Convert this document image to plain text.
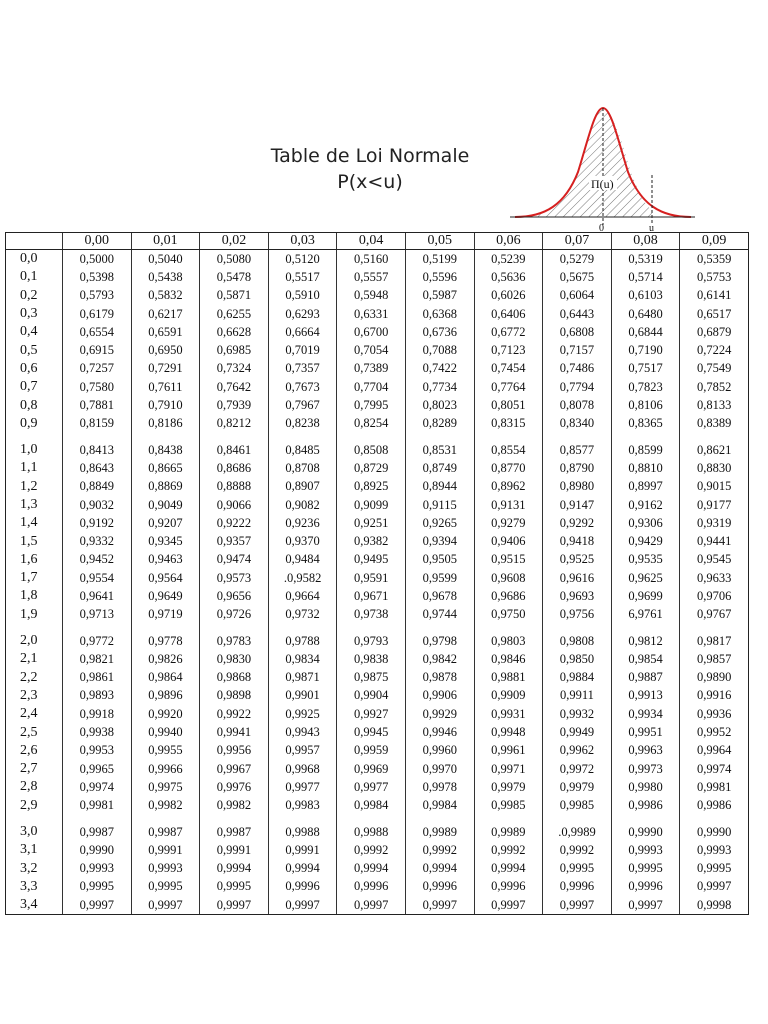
Table de Loi Normale
P(x<u)	Π(u)
0	u
	0,00	0,01	0,02	0,03	0,04	0,05	0,06	0,07	0,08	0,09
0,0	0,5000	0,5040	0,5080	0,5120	0,5160	0,5199	0,5239	0,5279	0,5319	0,5359
0,1	0,5398	0,5438	0,5478	0,5517	0,5557	0,5596	0,5636	0,5675	0,5714	0,5753
0,2	0,5793	0,5832	0,5871	0,5910	0,5948	0,5987	0,6026	0,6064	0,6103	0,6141
0,3	0,6179	0,6217	0,6255	0,6293	0,6331	0,6368	0,6406	0,6443	0,6480	0,6517
0,4	0,6554	0,6591	0,6628	0,6664	0,6700	0,6736	0,6772	0,6808	0,6844	0,6879
0,5	0,6915	0,6950	0,6985	0,7019	0,7054	0,7088	0,7123	0,7157	0,7190	0,7224
0,6	0,7257	0,7291	0,7324	0,7357	0,7389	0,7422	0,7454	0,7486	0,7517	0,7549
0,7	0,7580	0,7611	0,7642	0,7673	0,7704	0,7734	0,7764	0,7794	0,7823	0,7852
0,8	0,7881	0,7910	0,7939	0,7967	0,7995	0,8023	0,8051	0,8078	0,8106	0,8133
0,9	0,8159	0,8186	0,8212	0,8238	0,8254	0,8289	0,8315	0,8340	0,8365	0,8389
1,0	0,8413	0,8438	0,8461	0,8485	0,8508	0,8531	0,8554	0,8577	0,8599	0,8621
1,1	0,8643	0,8665	0,8686	0,8708	0,8729	0,8749	0,8770	0,8790	0,8810	0,8830
1,2	0,8849	0,8869	0,8888	0,8907	0,8925	0,8944	0,8962	0,8980	0,8997	0,9015
1,3	0,9032	0,9049	0,9066	0,9082	0,9099	0,9115	0,9131	0,9147	0,9162	0,9177
1,4	0,9192	0,9207	0,9222	0,9236	0,9251	0,9265	0,9279	0,9292	0,9306	0,9319
1,5	0,9332	0,9345	0,9357	0,9370	0,9382	0,9394	0,9406	0,9418	0,9429	0,9441
1,6	0,9452	0,9463	0,9474	0,9484	0,9495	0,9505	0,9515	0,9525	0,9535	0,9545
1,7	0,9554	0,9564	0,9573	.0,9582	0,9591	0,9599	0,9608	0,9616	0,9625	0,9633
1,8	0,9641	0,9649	0,9656	0,9664	0,9671	0,9678	0,9686	0,9693	0,9699	0,9706
1,9	0,9713	0,9719	0,9726	0,9732	0,9738	0,9744	0,9750	0,9756	6,9761	0,9767
2,0	0,9772	0,9778	0,9783	0,9788	0,9793	0,9798	0,9803	0,9808	0,9812	0,9817
2,1	0,9821	0,9826	0,9830	0,9834	0,9838	0,9842	0,9846	0,9850	0,9854	0,9857
2,2	0,9861	0,9864	0,9868	0,9871	0,9875	0,9878	0,9881	0,9884	0,9887	0,9890
2,3	0,9893	0,9896	0,9898	0,9901	0,9904	0,9906	0,9909	0,9911	0,9913	0,9916
2,4	0,9918	0,9920	0,9922	0,9925	0,9927	0,9929	0,9931	0,9932	0,9934	0,9936
2,5	0,9938	0,9940	0,9941	0,9943	0,9945	0,9946	0,9948	0,9949	0,9951	0,9952
2,6	0,9953	0,9955	0,9956	0,9957	0,9959	0,9960	0,9961	0,9962	0,9963	0,9964
2,7	0,9965	0,9966	0,9967	0,9968	0,9969	0,9970	0,9971	0,9972	0,9973	0,9974
2,8	0,9974	0,9975	0,9976	0,9977	0,9977	0,9978	0,9979	0,9979	0,9980	0,9981
2,9	0,9981	0,9982	0,9982	0,9983	0,9984	0,9984	0,9985	0,9985	0,9986	0,9986
3,0	0,9987	0,9987	0,9987	0,9988	0,9988	0,9989	0,9989	.0,9989	0,9990	0,9990
3,1	0,9990	0,9991	0,9991	0,9991	0,9992	0,9992	0,9992	0,9992	0,9993	0,9993
3,2	0,9993	0,9993	0,9994	0,9994	0,9994	0,9994	0,9994	0,9995	0,9995	0,9995
3,3	0,9995	0,9995	0,9995	0,9996	0,9996	0,9996	0,9996	0,9996	0,9996	0,9997
3,4	0,9997	0,9997	0,9997	0,9997	0,9997	0,9997	0,9997	0,9997	0,9997	0,9998
